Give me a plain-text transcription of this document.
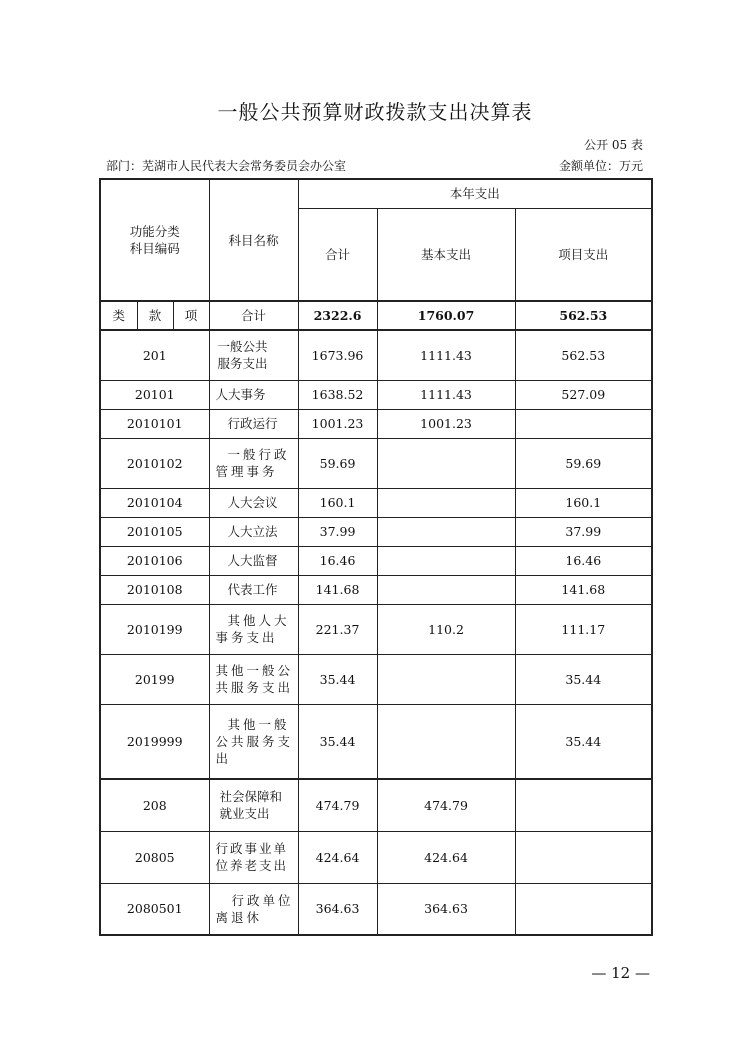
一般公共预算财政拨款支出决算表
公开 05 表
部门：芜湖市人民代表大会常务委员会办公室	金额单位：万元
功能分类
科目编码			科目名称	本年支出		
				合计	基本支出	项目支出
类	款	项	合计	2322.6	1760.07	562.53
201			一般公共服务支出	1673.96	1111.43	562.53
20101			人大事务	1638.52	1111.43	527.09
2010101			行政运行	1001.23	1001.23	
2010102			一般行政管理事务	59.69		59.69
2010104			人大会议	160.1		160.1
2010105			人大立法	37.99		37.99
2010106			人大监督	16.46		16.46
2010108			代表工作	141.68		141.68
2010199			其他人大事务支出	221.37	110.2	111.17
20199			其他一般公共服务支出	35.44		35.44
2019999			其他一般公共服务支出	35.44		35.44
208			社会保障和就业支出	474.79	474.79	
20805			行政事业单位养老支出	424.64	424.64	
2080501			行政单位离退休	364.63	364.63	
— 12 —
